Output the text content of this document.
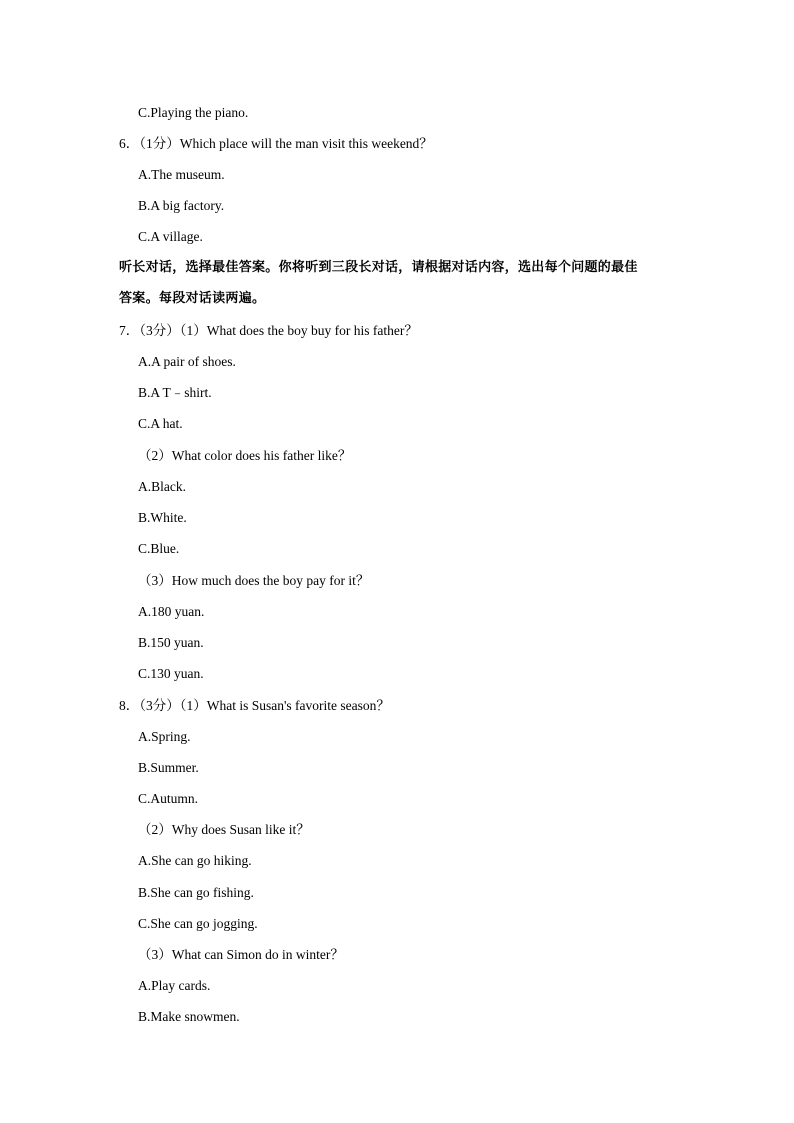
C.Playing the piano.
6．（1分）Which place will the man visit this weekend？
A.The museum.
B.A big factory.
C.A village.
听长对话，选择最佳答案。你将听到三段长对话，请根据对话内容，选出每个问题的最佳
答案。每段对话读两遍。
7．（3分）（1）What does the boy buy for his father？
A.A pair of shoes.
B.A T﹣shirt.
C.A hat.
（2）What color does his father like？
A.Black.
B.White.
C.Blue.
（3）How much does the boy pay for it？
A.180 yuan.
B.150 yuan.
C.130 yuan.
8．（3分）（1）What is Susan's favorite season？
A.Spring.
B.Summer.
C.Autumn.
（2）Why does Susan like it？
A.She can go hiking.
B.She can go fishing.
C.She can go jogging.
（3）What can Simon do in winter？
A.Play cards.
B.Make snowmen.
